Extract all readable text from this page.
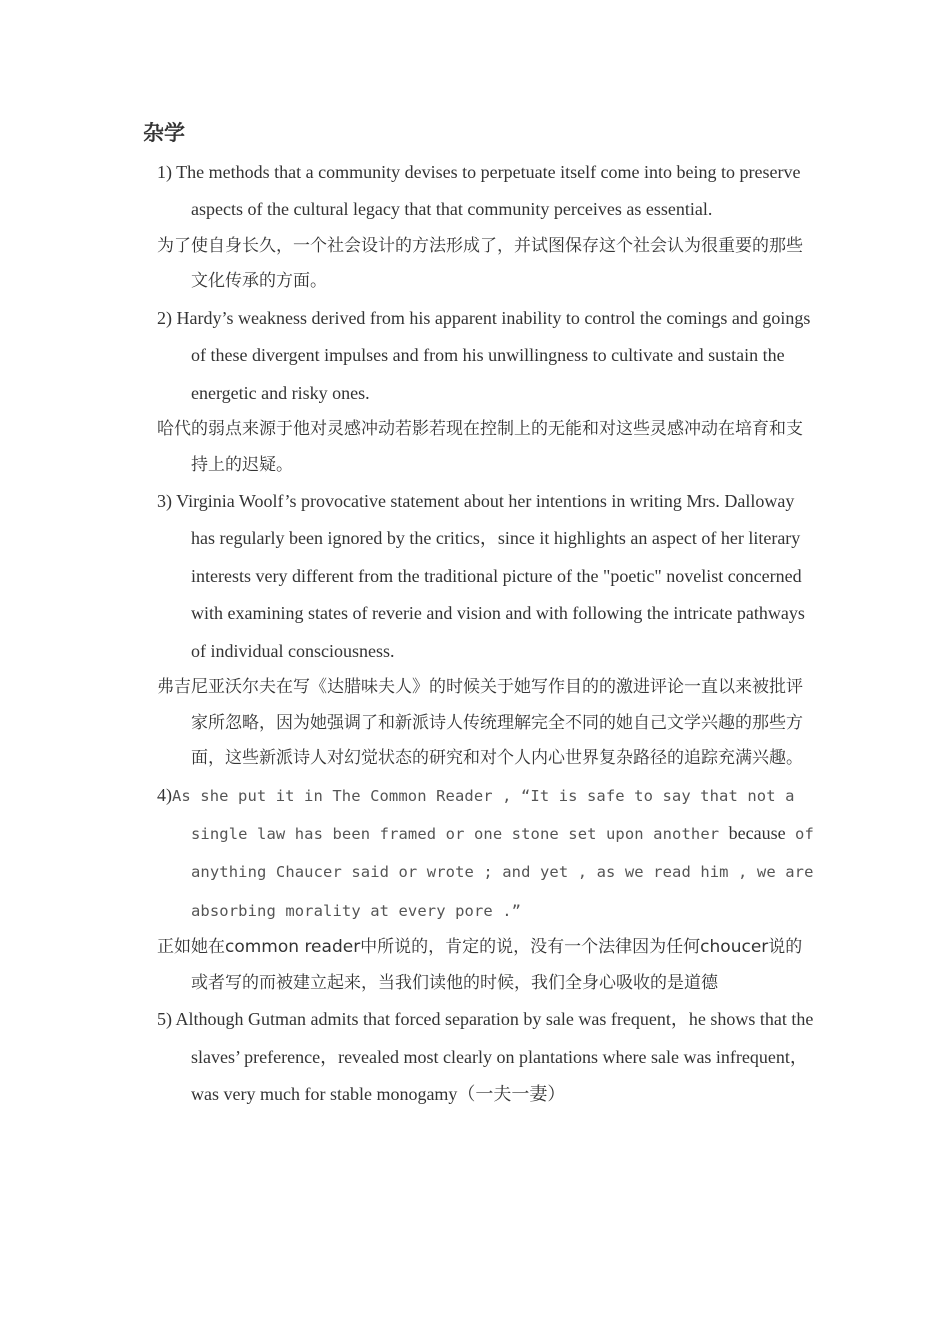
杂学

1) The methods that a community devises to perpetuate itself come into being to preserve aspects of the cultural legacy that that community perceives as essential.

为了使自身长久，一个社会设计的方法形成了，并试图保存这个社会认为很重要的那些文化传承的方面。

2) Hardy’s weakness derived from his apparent inability to control the comings and goings of these divergent impulses and from his unwillingness to cultivate and sustain the energetic and risky ones.

哈代的弱点来源于他对灵感冲动若影若现在控制上的无能和对这些灵感冲动在培育和支持上的迟疑。

3) Virginia Woolf’s provocative statement about her intentions in writing Mrs. Dalloway has regularly been ignored by the critics，since it highlights an aspect of her literary interests very different from the traditional picture of the "poetic" novelist concerned with examining states of reverie and vision and with following the intricate pathways of individual consciousness.

弗吉尼亚沃尔夫在写《达腊味夫人》的时候关于她写作目的的激进评论一直以来被批评家所忽略，因为她强调了和新派诗人传统理解完全不同的她自己文学兴趣的那些方面，这些新派诗人对幻觉状态的研究和对个人内心世界复杂路径的追踪充满兴趣。

4)As she put it in The Common Reader , “It is safe to say that not a single law has been framed or one stone set upon another because of anything Chaucer said or wrote ; and yet , as we read him , we are absorbing morality at every pore .”

正如她在common reader中所说的，肯定的说，没有一个法律因为任何choucer说的或者写的而被建立起来，当我们读他的时候，我们全身心吸收的是道德

5) Although Gutman admits that forced separation by sale was frequent，he shows that the slaves’ preference，revealed most clearly on plantations where sale was infrequent，was very much for stable monogamy（一夫一妻）
